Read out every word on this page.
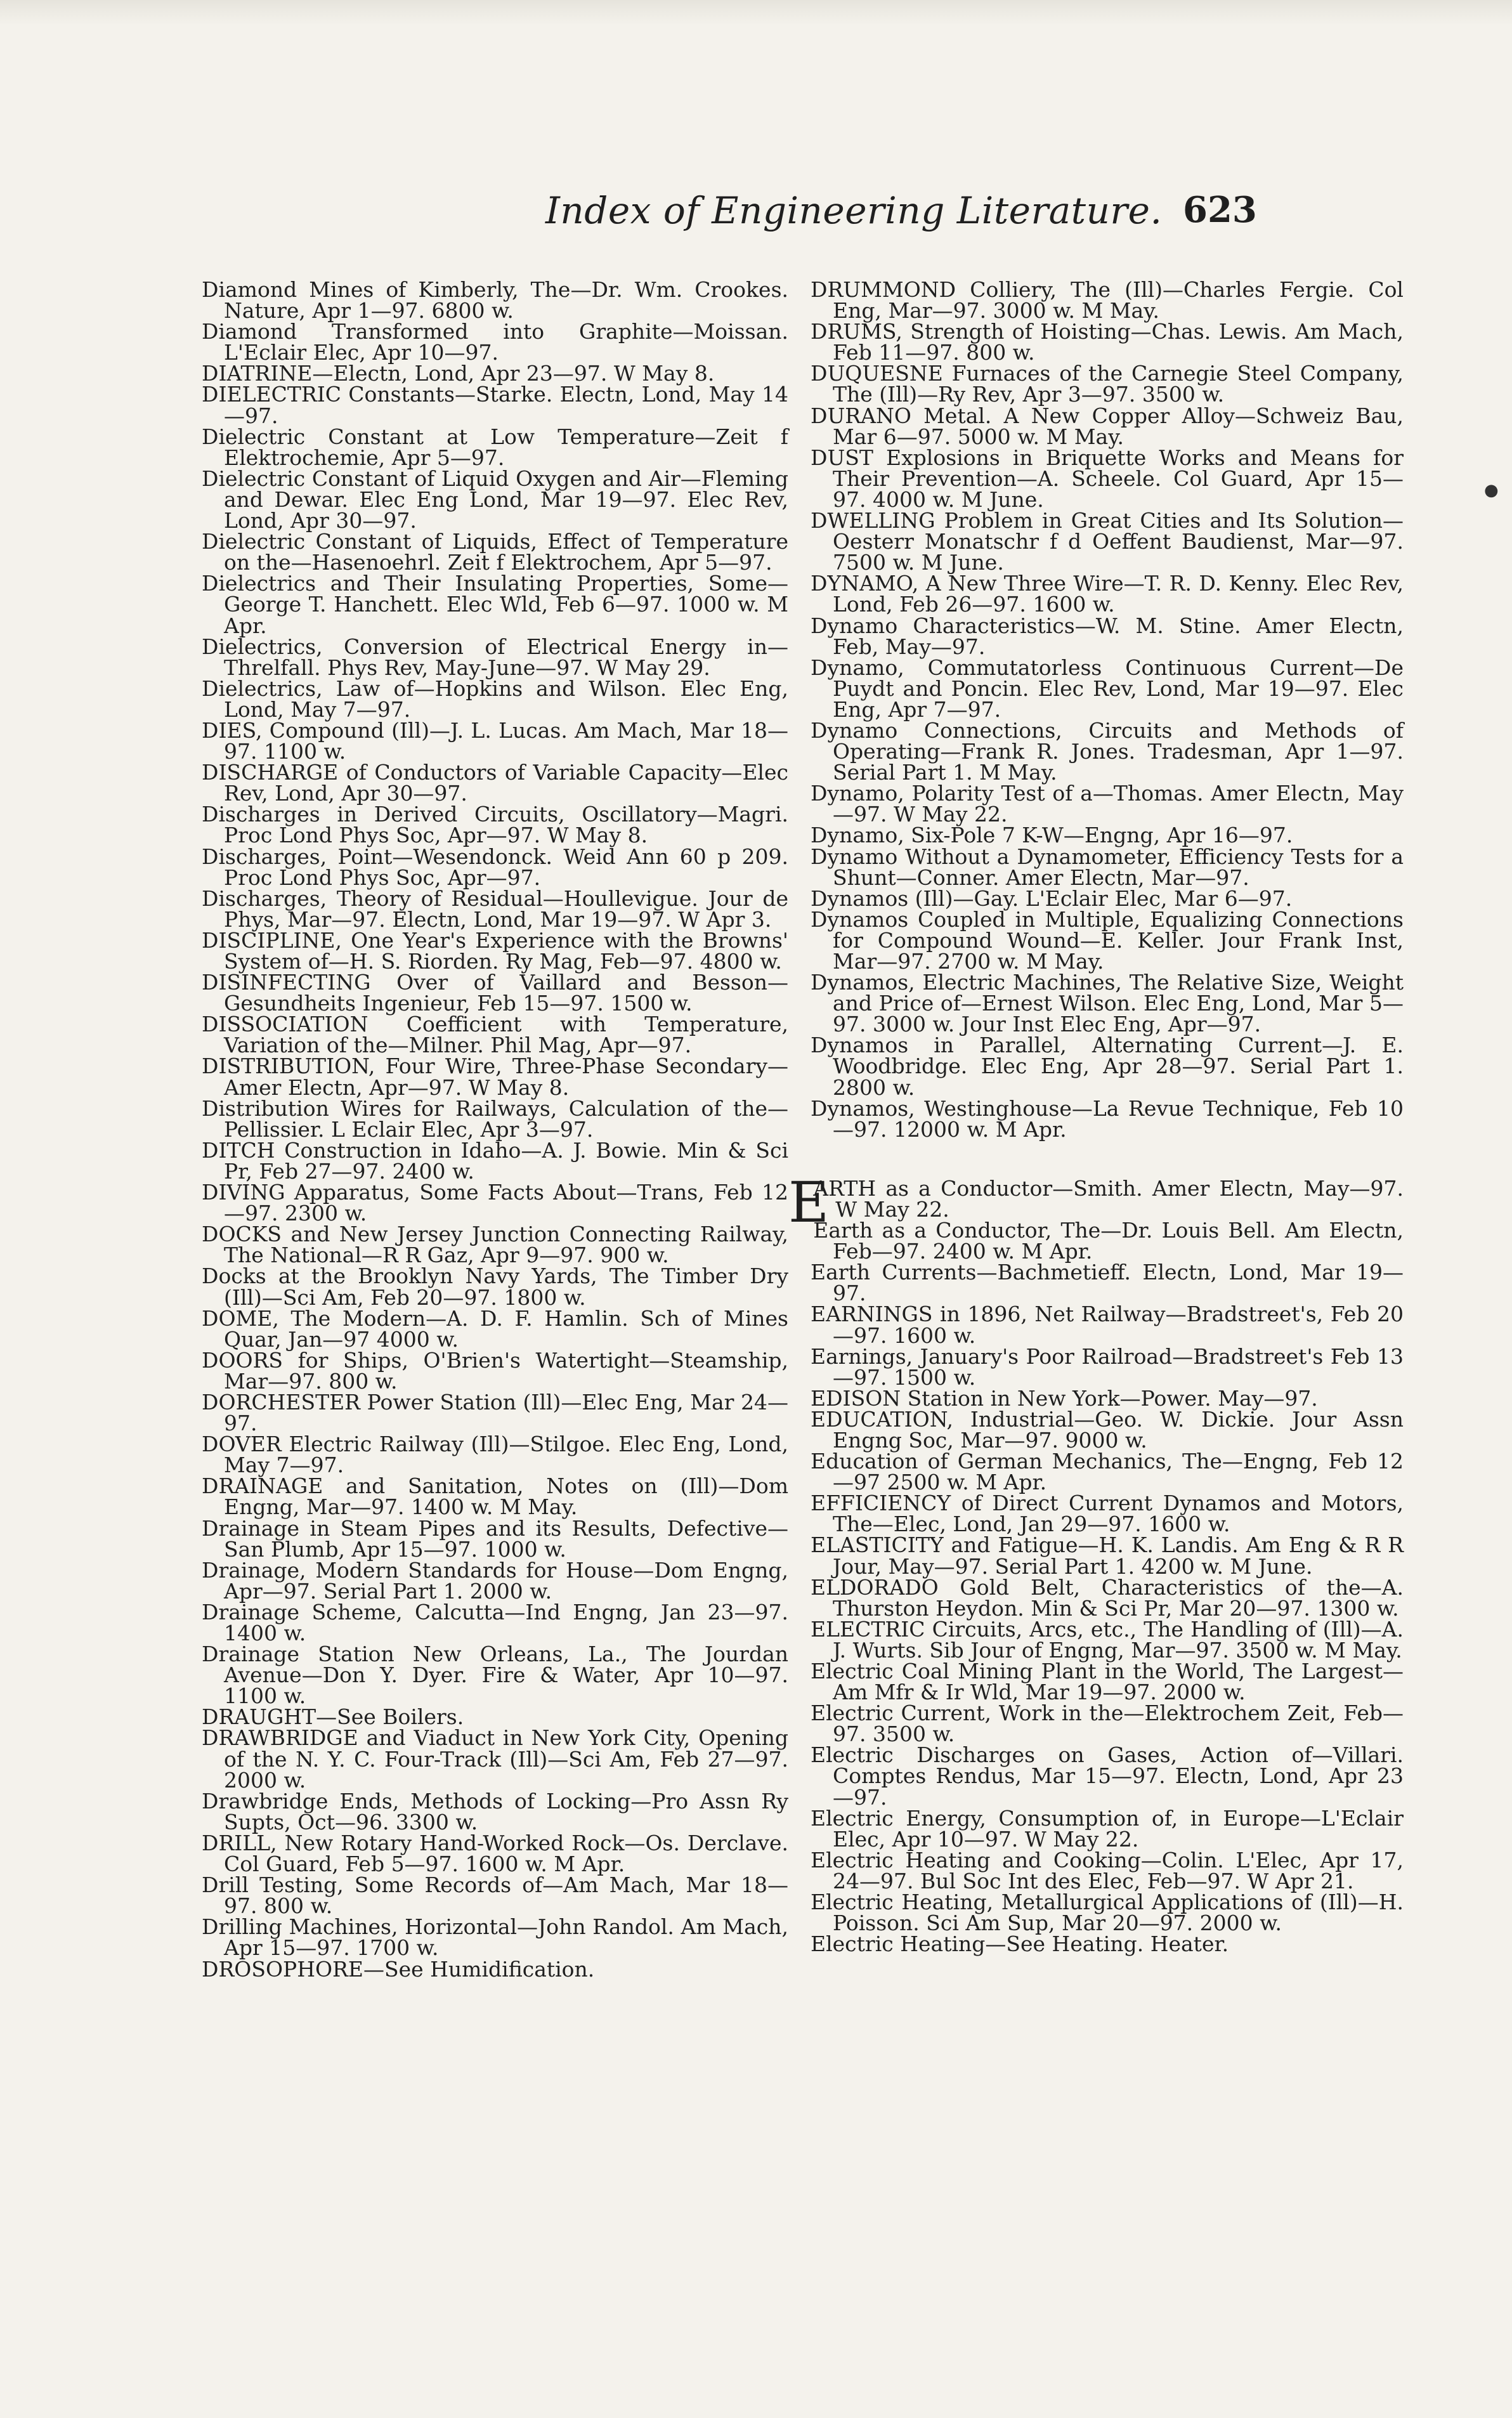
Index of Engineering Literature. 623
●

Diamond Mines of Kimberly, The—Dr. Wm. Crookes. Nature, Apr 1—97. 6800 w.

Diamond Transformed into Graphite—Moissan. L'Eclair Elec, Apr 10—97.

DIATRINE—Electn, Lond, Apr 23—97. W May 8.

DIELECTRIC Constants—Starke. Electn, Lond, May 14—97.

Dielectric Constant at Low Temperature—Zeit f Elektrochemie, Apr 5—97.

Dielectric Constant of Liquid Oxygen and Air—Fleming and Dewar. Elec Eng Lond, Mar 19—97. Elec Rev, Lond, Apr 30—97.

Dielectric Constant of Liquids, Effect of Temperature on the—Hasenoehrl. Zeit f Elektrochem, Apr 5—97.

Dielectrics and Their Insulating Properties, Some—George T. Hanchett. Elec Wld, Feb 6—97. 1000 w. M Apr.

Dielectrics, Conversion of Electrical Energy in—Threlfall. Phys Rev, May-June—97. W May 29.

Dielectrics, Law of—Hopkins and Wilson. Elec Eng, Lond, May 7—97.

DIES, Compound (Ill)—J. L. Lucas. Am Mach, Mar 18—97. 1100 w.

DISCHARGE of Conductors of Variable Capacity—Elec Rev, Lond, Apr 30—97.

Discharges in Derived Circuits, Oscillatory—Magri. Proc Lond Phys Soc, Apr—97. W May 8.

Discharges, Point—Wesendonck. Weid Ann 60 p 209. Proc Lond Phys Soc, Apr—97.

Discharges, Theory of Residual—Houllevigue. Jour de Phys, Mar—97. Electn, Lond, Mar 19—97. W Apr 3.

DISCIPLINE, One Year's Experience with the Browns' System of—H. S. Riorden. Ry Mag, Feb—97. 4800 w.

DISINFECTING Over of Vaillard and Besson—Gesundheits Ingenieur, Feb 15—97. 1500 w.

DISSOCIATION Coefficient with Temperature, Variation of the—Milner. Phil Mag, Apr—97.

DISTRIBUTION, Four Wire, Three-Phase Secondary—Amer Electn, Apr—97. W May 8.

Distribution Wires for Railways, Calculation of the—Pellissier. L Eclair Elec, Apr 3—97.

DITCH Construction in Idaho—A. J. Bowie. Min & Sci Pr, Feb 27—97. 2400 w.

DIVING Apparatus, Some Facts About—Trans, Feb 12—97. 2300 w.

DOCKS and New Jersey Junction Connecting Railway, The National—R R Gaz, Apr 9—97. 900 w.

Docks at the Brooklyn Navy Yards, The Timber Dry (Ill)—Sci Am, Feb 20—97. 1800 w.

DOME, The Modern—A. D. F. Hamlin. Sch of Mines Quar, Jan—97 4000 w.

DOORS for Ships, O'Brien's Watertight—Steamship, Mar—97. 800 w.

DORCHESTER Power Station (Ill)—Elec Eng, Mar 24—97.

DOVER Electric Railway (Ill)—Stilgoe. Elec Eng, Lond, May 7—97.

DRAINAGE and Sanitation, Notes on (Ill)—Dom Engng, Mar—97. 1400 w. M May.

Drainage in Steam Pipes and its Results, Defective—San Plumb, Apr 15—97. 1000 w.

Drainage, Modern Standards for House—Dom Engng, Apr—97. Serial Part 1. 2000 w.

Drainage Scheme, Calcutta—Ind Engng, Jan 23—97. 1400 w.

Drainage Station New Orleans, La., The Jourdan Avenue—Don Y. Dyer. Fire & Water, Apr 10—97. 1100 w.

DRAUGHT—See Boilers.

DRAWBRIDGE and Viaduct in New York City, Opening of the N. Y. C. Four-Track (Ill)—Sci Am, Feb 27—97. 2000 w.

Drawbridge Ends, Methods of Locking—Pro Assn Ry Supts, Oct—96. 3300 w.

DRILL, New Rotary Hand-Worked Rock—Os. Derclave. Col Guard, Feb 5—97. 1600 w. M Apr.

Drill Testing, Some Records of—Am Mach, Mar 18—97. 800 w.

Drilling Machines, Horizontal—John Randol. Am Mach, Apr 15—97. 1700 w.

DROSOPHORE—See Humidification.

DRUMMOND Colliery, The (Ill)—Charles Fergie. Col Eng, Mar—97. 3000 w. M May.

DRUMS, Strength of Hoisting—Chas. Lewis. Am Mach, Feb 11—97. 800 w.

DUQUESNE Furnaces of the Carnegie Steel Company, The (Ill)—Ry Rev, Apr 3—97. 3500 w.

DURANO Metal. A New Copper Alloy—Schweiz Bau, Mar 6—97. 5000 w. M May.

DUST Explosions in Briquette Works and Means for Their Prevention—A. Scheele. Col Guard, Apr 15—97. 4000 w. M June.

DWELLING Problem in Great Cities and Its Solution—Oesterr Monatschr f d Oeffent Baudienst, Mar—97. 7500 w. M June.

DYNAMO, A New Three Wire—T. R. D. Kenny. Elec Rev, Lond, Feb 26—97. 1600 w.

Dynamo Characteristics—W. M. Stine. Amer Electn, Feb, May—97.

Dynamo, Commutatorless Continuous Current—De Puydt and Poncin. Elec Rev, Lond, Mar 19—97. Elec Eng, Apr 7—97.

Dynamo Connections, Circuits and Methods of Operating—Frank R. Jones. Tradesman, Apr 1—97. Serial Part 1. M May.

Dynamo, Polarity Test of a—Thomas. Amer Electn, May—97. W May 22.

Dynamo, Six-Pole 7 K-W—Engng, Apr 16—97.

Dynamo Without a Dynamometer, Efficiency Tests for a Shunt—Conner. Amer Electn, Mar—97.

Dynamos (Ill)—Gay. L'Eclair Elec, Mar 6—97.

Dynamos Coupled in Multiple, Equalizing Connections for Compound Wound—E. Keller. Jour Frank Inst, Mar—97. 2700 w. M May.

Dynamos, Electric Machines, The Relative Size, Weight and Price of—Ernest Wilson. Elec Eng, Lond, Mar 5—97. 3000 w. Jour Inst Elec Eng, Apr—97.

Dynamos in Parallel, Alternating Current—J. E. Woodbridge. Elec Eng, Apr 28—97. Serial Part 1. 2800 w.

Dynamos, Westinghouse—La Revue Technique, Feb 10—97. 12000 w. M Apr.

E
ARTH as a Conductor—Smith. Amer Electn, May—97. W May 22.

Earth as a Conductor, The—Dr. Louis Bell. Am Electn, Feb—97. 2400 w. M Apr.

Earth Currents—Bachmetieff. Electn, Lond, Mar 19—97.

EARNINGS in 1896, Net Railway—Bradstreet's, Feb 20—97. 1600 w.

Earnings, January's Poor Railroad—Bradstreet's Feb 13—97. 1500 w.

EDISON Station in New York—Power. May—97.

EDUCATION, Industrial—Geo. W. Dickie. Jour Assn Engng Soc, Mar—97. 9000 w.

Education of German Mechanics, The—Engng, Feb 12—97 2500 w. M Apr.

EFFICIENCY of Direct Current Dynamos and Motors, The—Elec, Lond, Jan 29—97. 1600 w.

ELASTICITY and Fatigue—H. K. Landis. Am Eng & R R Jour, May—97. Serial Part 1. 4200 w. M June.

ELDORADO Gold Belt, Characteristics of the—A. Thurston Heydon. Min & Sci Pr, Mar 20—97. 1300 w.

ELECTRIC Circuits, Arcs, etc., The Handling of (Ill)—A. J. Wurts. Sib Jour of Engng, Mar—97. 3500 w. M May.

Electric Coal Mining Plant in the World, The Largest—Am Mfr & Ir Wld, Mar 19—97. 2000 w.

Electric Current, Work in the—Elektrochem Zeit, Feb—97. 3500 w.

Electric Discharges on Gases, Action of—Villari. Comptes Rendus, Mar 15—97. Electn, Lond, Apr 23—97.

Electric Energy, Consumption of, in Europe—L'Eclair Elec, Apr 10—97. W May 22.

Electric Heating and Cooking—Colin. L'Elec, Apr 17, 24—97. Bul Soc Int des Elec, Feb—97. W Apr 21.

Electric Heating, Metallurgical Applications of (Ill)—H. Poisson. Sci Am Sup, Mar 20—97. 2000 w.

Electric Heating—See Heating. Heater.
